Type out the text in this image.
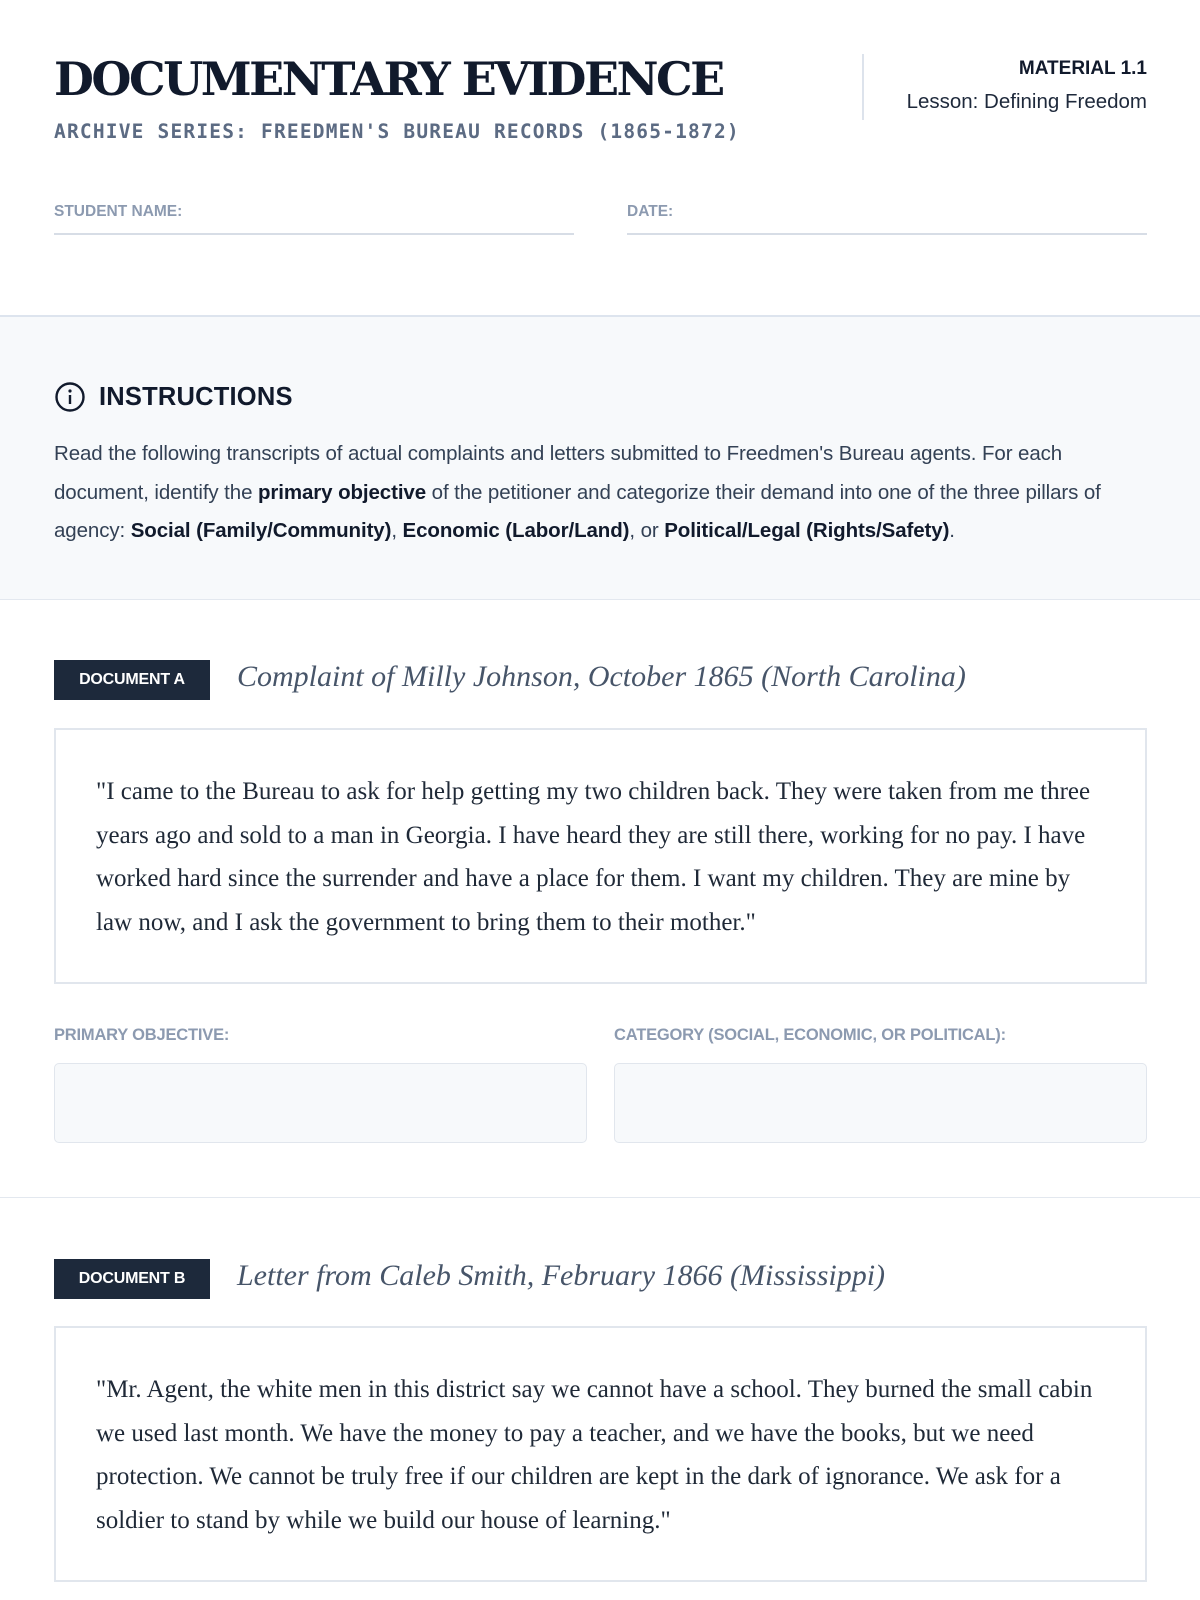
DOCUMENTARY EVIDENCE
ARCHIVE SERIES: FREEDMEN'S BUREAU RECORDS (1865-1872)
MATERIAL 1.1
Lesson: Defining Freedom
STUDENT NAME:	DATE:
INSTRUCTIONS

Read the following transcripts of actual complaints and letters submitted to Freedmen's Bureau agents. For each document, identify the primary objective of the petitioner and categorize their demand into one of the three pillars of agency: Social (Family/Community), Economic (Labor/Land), or Political/Legal (Rights/Safety).

DOCUMENT A	Complaint of Milly Johnson, October 1865 (North Carolina)

"I came to the Bureau to ask for help getting my two children back. They were taken from me three years ago and sold to a man in Georgia. I have heard they are still there, working for no pay. I have worked hard since the surrender and have a place for them. I want my children. They are mine by law now, and I ask the government to bring them to their mother."

PRIMARY OBJECTIVE:	CATEGORY (SOCIAL, ECONOMIC, OR POLITICAL):
DOCUMENT B	Letter from Caleb Smith, February 1866 (Mississippi)

"Mr. Agent, the white men in this district say we cannot have a school. They burned the small cabin we used last month. We have the money to pay a teacher, and we have the books, but we need protection. We cannot be truly free if our children are kept in the dark of ignorance. We ask for a soldier to stand by while we build our house of learning."
